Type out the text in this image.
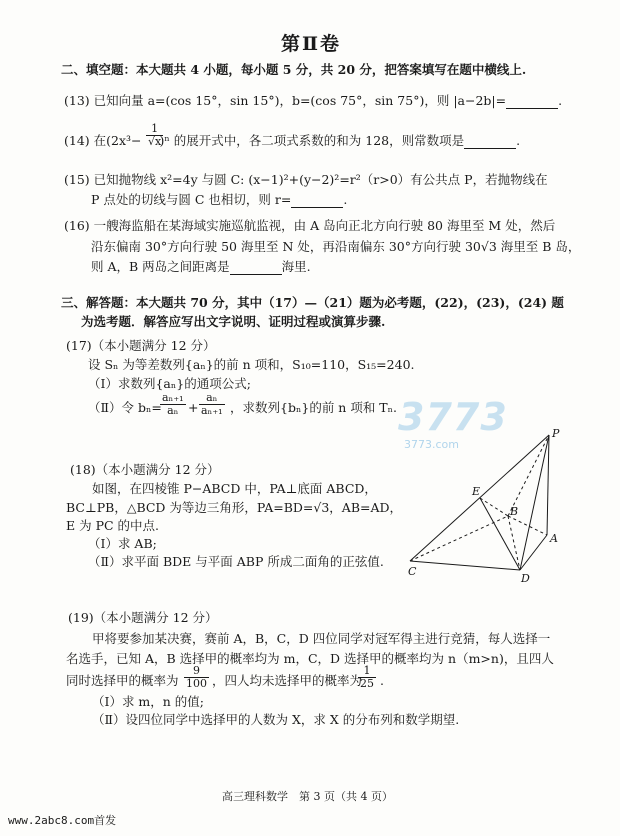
第Ⅱ卷
二、填空题：本大题共 4 小题，每小题 5 分，共 20 分，把答案填写在题中横线上.
(13) 已知向量 a=(cos 15°，sin 15°)，b=(cos 75°，sin 75°)，则 |a−2b|=	.
(14) 在(2x³− )ⁿ 的展开式中，各二项式系数的和为 128，则常数项是	.
$\frac{1}{√x}$
(15) 已知抛物线 x²=4y 与圆 C: (x−1)²+(y−2)²=r²（r>0）有公共点 P，若抛物线在
P 点处的切线与圆 C 也相切，则 r=	.
(16) 一艘海监船在某海域实施巡航监视，由 A 岛向正北方向行驶 80 海里至 M 处，然后
沿东偏南 30°方向行驶 50 海里至 N 处，再沿南偏东 30°方向行驶 30√3 海里至 B 岛，
则 A，B 两岛之间距离是	海里.
三、解答题：本大题共 70 分，其中（17）—（21）题为必考题，(22)，(23)，(24) 题
为选考题．解答应写出文字说明、证明过程或演算步骤.
(17)（本小题满分 12 分）
设 Sₙ 为等差数列{aₙ}的前 n 项和，S₁₀=110，S₁₅=240.
（Ⅰ）求数列{aₙ}的通项公式;
（Ⅱ）令 bₙ=
$\frac{\text{aₙ₊₁}}{\text{aₙ}} + \frac{\text{aₙ}}{\text{aₙ₊₁}}$ ，求数列{bₙ}的前 n 项和 Tₙ. 3773
3773.com
(18)（本小题满分 12 分）
如图，在四棱锥 P−ABCD 中，PA⊥底面 ABCD，
BC⊥PB，△BCD 为等边三角形，PA=BD=√3，AB=AD，
E 为 PC 的中点.
（Ⅰ）求 AB;
（Ⅱ）求平面 BDE 与平面 ABP 所成二面角的正弦值.
P
E
B
A
C
D
(19)（本小题满分 12 分）
甲将要参加某决赛，赛前 A，B，C，D 四位同学对冠军得主进行竞猜，每人选择一
名选手，已知 A，B 选择甲的概率均为 m，C，D 选择甲的概率均为 n（m>n)，且四人
同时选择甲的概率为 $\frac{9}{100}$ ，四人均未选择甲的概率为
$\frac{1}{25}$ .
（Ⅰ）求 m，n 的值;
（Ⅱ）设四位同学中选择甲的人数为 X，求 X 的分布列和数学期望.
高三理科数学　第 3 页（共 4 页）
www.2abc8.com首发
